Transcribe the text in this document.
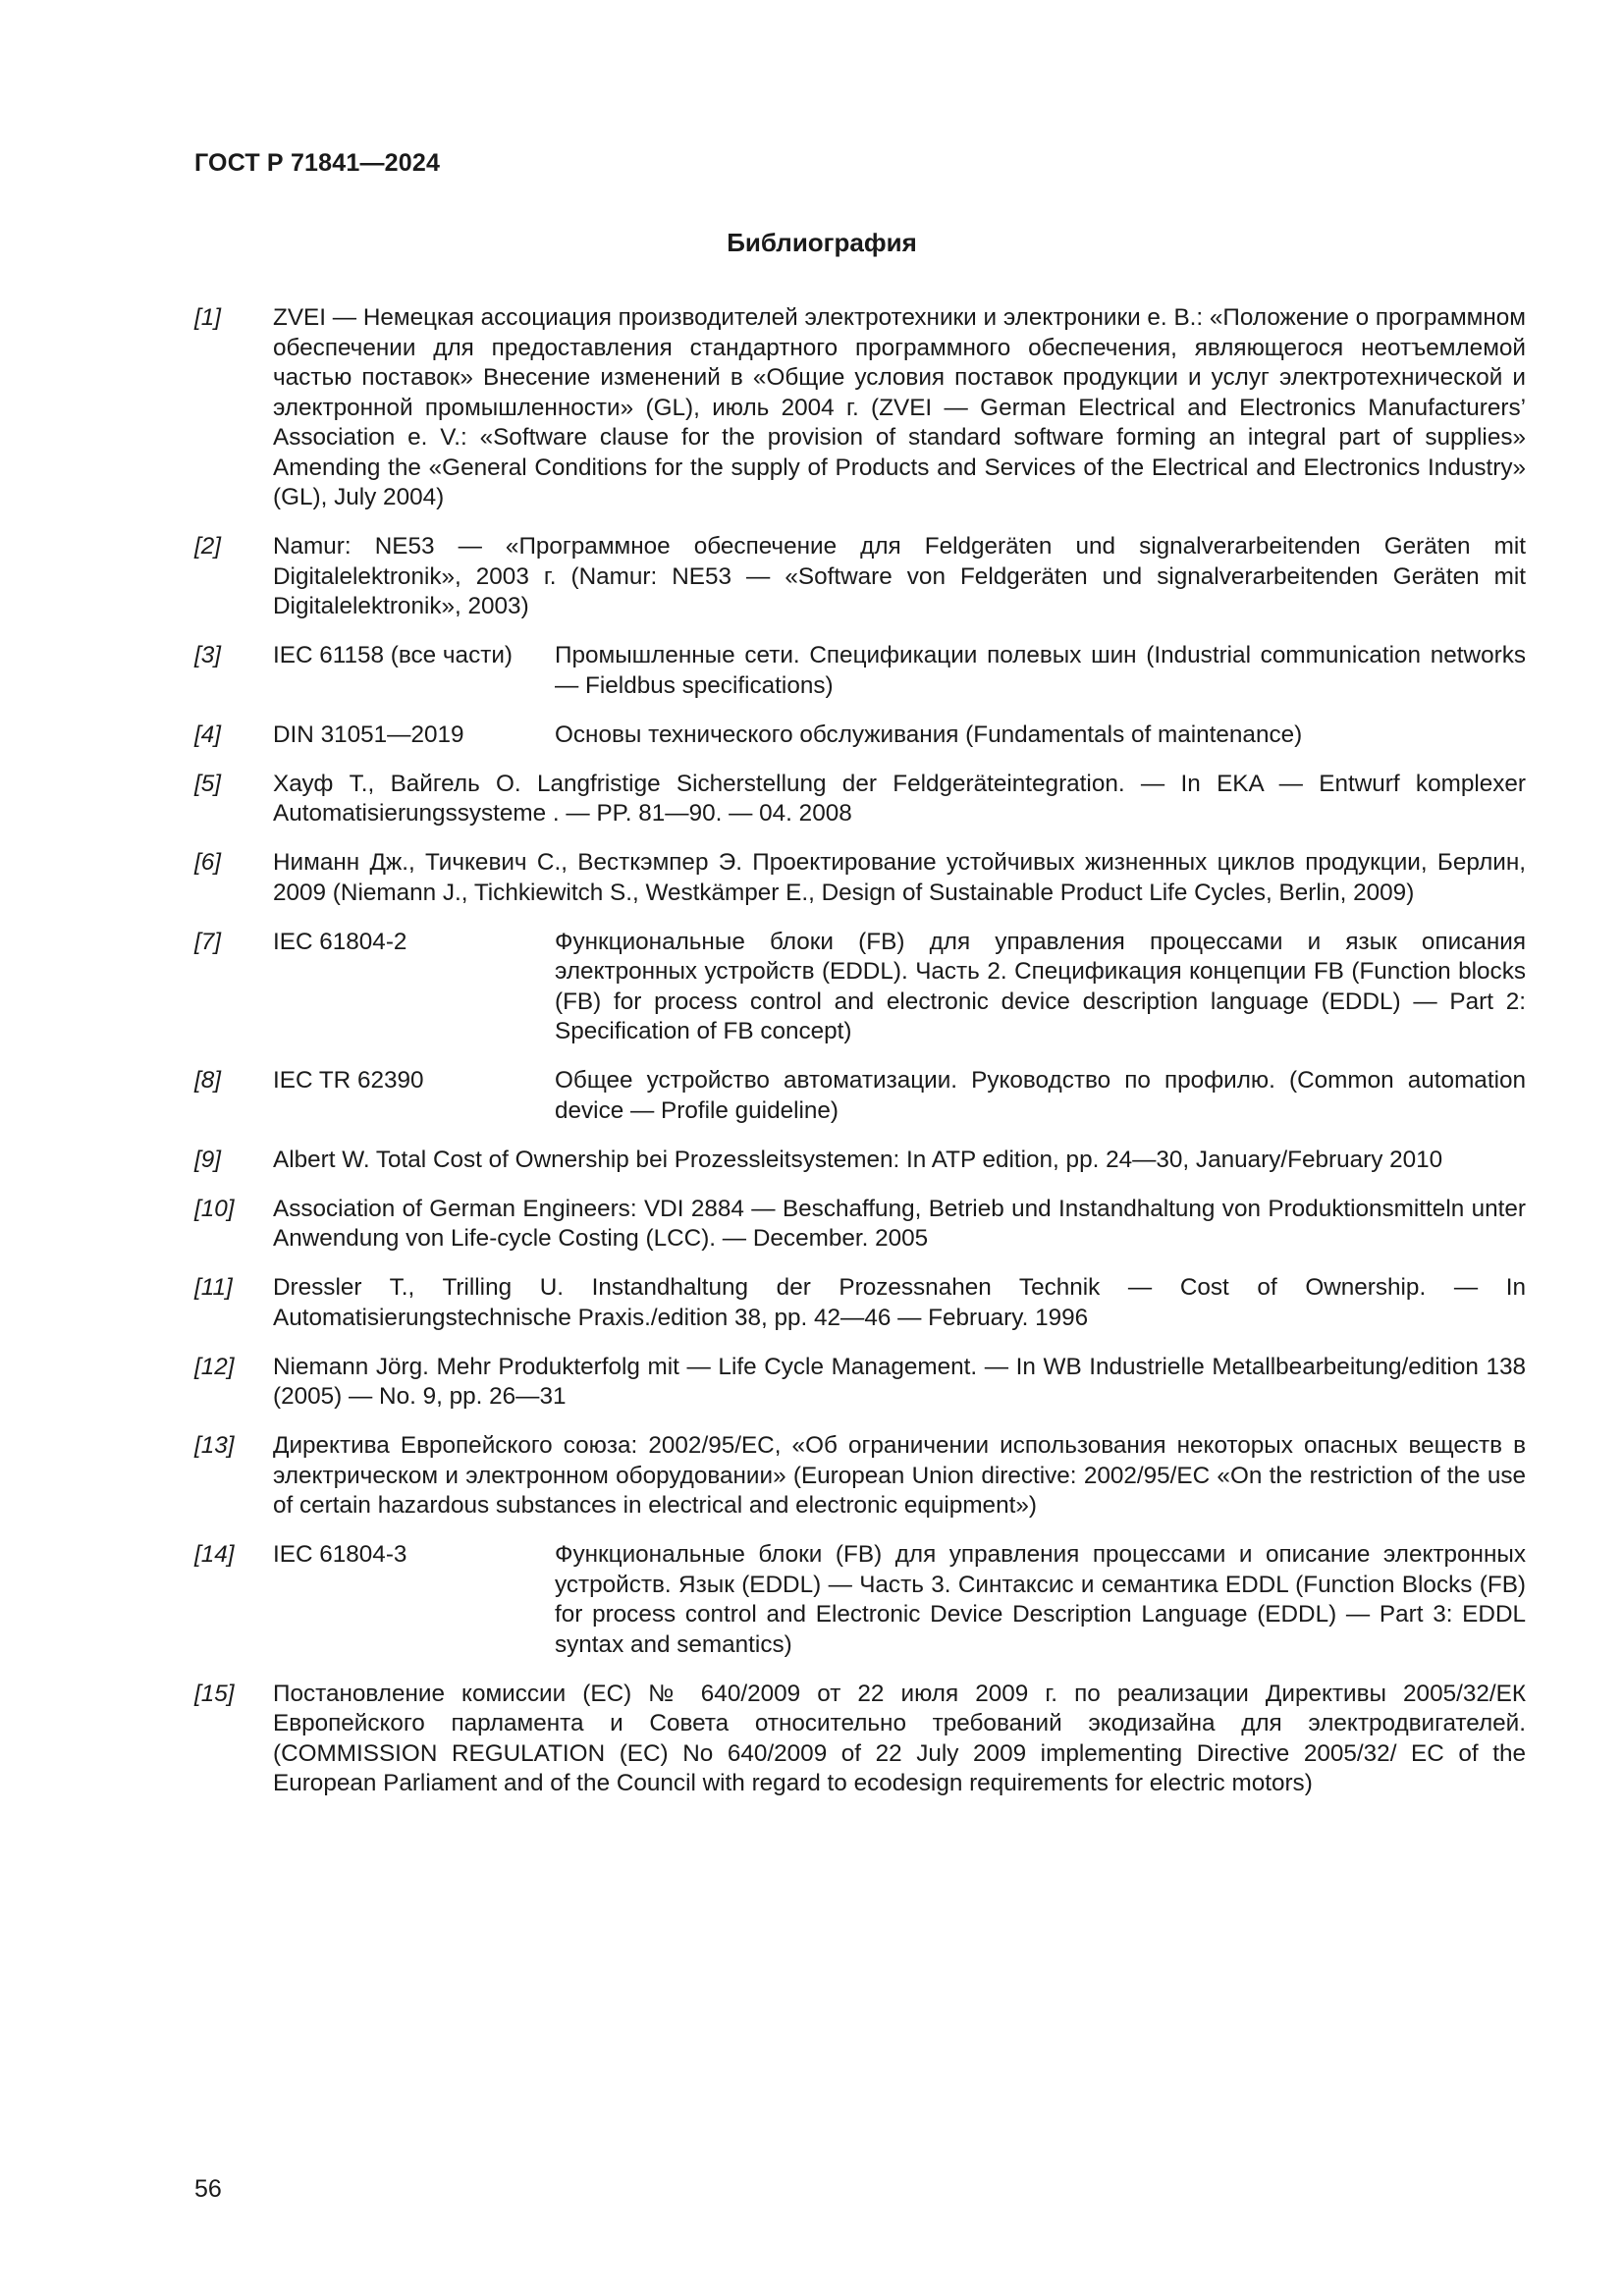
ГОСТ Р 71841—2024
Библиография
[1]	ZVEI — Немецкая ассоциация производителей электротехники и электроники е. В.: «Положение о программном обеспечении для предоставления стандартного программного обеспечения, являющегося неотъемлемой частью поставок» Внесение изменений в «Общие условия поставок продукции и услуг электротехнической и электронной промышленности» (GL), июль 2004 г. (ZVEI — German Electrical and Electronics Manufacturers’ Association e. V.: «Software clause for the provision of standard software forming an integral part of supplies» Amending the «General Conditions for the supply of Products and Services of the Electrical and Electronics Industry» (GL), July 2004)
[2]	Namur: NE53 — «Программное обеспечение для Feldgeräten und signalverarbeitenden Geräten mit Digitalelektronik», 2003 г. (Namur: NE53 — «Software von Feldgeräten und signalverarbeitenden Geräten mit Digitalelektronik», 2003)
[3]	IEC 61158 (все части)	Промышленные сети. Спецификации полевых шин (Industrial communication networks — Fieldbus specifications)
[4]	DIN 31051—2019	Основы технического обслуживания (Fundamentals of maintenance)
[5]	Хауф Т., Вайгель О. Langfristige Sicherstellung der Feldgeräteintegration. — In EKA — Entwurf komplexer Automatisierungssysteme . — PP. 81—90. — 04. 2008
[6]	Ниманн Дж., Тичкевич С., Весткэмпер Э. Проектирование устойчивых жизненных циклов продукции, Берлин, 2009 (Niemann J., Tichkiewitch S., Westkämper E., Design of Sustainable Product Life Cycles, Berlin, 2009)
[7]	IEC 61804-2	Функциональные блоки (FB) для управления процессами и язык описания электронных устройств (EDDL). Часть 2. Спецификация концепции FB (Function blocks (FB) for process control and electronic device description language (EDDL) — Part 2: Specification of FB concept)
[8]	IEC TR 62390	Общее устройство автоматизации. Руководство по профилю. (Common automation device — Profile guideline)
[9]	Albert W. Total Cost of Ownership bei Prozessleitsystemen: In ATP edition, pp. 24—30, January/February 2010
[10]	Association of German Engineers: VDI 2884 — Beschaffung, Betrieb und Instandhaltung von Produktionsmitteln unter Anwendung von Life-cycle Costing (LCC). — December. 2005
[11]	Dressler T., Trilling U. Instandhaltung der Prozessnahen Technik — Cost of Ownership. — In Automatisierungstechnische Praxis./edition 38, pp. 42—46 — February. 1996
[12]	Niemann Jörg. Mehr Produkterfolg mit — Life Cycle Management. — In WB Industrielle Metallbearbeitung/edition 138 (2005) — No. 9, pp. 26—31
[13]	Директива Европейского союза: 2002/95/ЕС, «Об ограничении использования некоторых опасных веществ в электрическом и электронном оборудовании» (European Union directive: 2002/95/EC «On the restriction of the use of certain hazardous substances in electrical and electronic equipment»)
[14]	IEC 61804-3	Функциональные блоки (FB) для управления процессами и описание электронных устройств. Язык (EDDL) — Часть 3. Синтаксис и семантика EDDL (Function Blocks (FB) for process control and Electronic Device Description Language (EDDL) — Part 3: EDDL syntax and semantics)
[15]	Постановление комиссии (ЕС) № 640/2009 от 22 июля 2009 г. по реализации Директивы 2005/32/ЕК Европейского парламента и Совета относительно требований экодизайна для электродвигателей. (COMMISSION REGULATION (EC) No 640/2009 of 22 July 2009 implementing Directive 2005/32/ EC of the European Parliament and of the Council with regard to ecodesign requirements for electric motors)
56
